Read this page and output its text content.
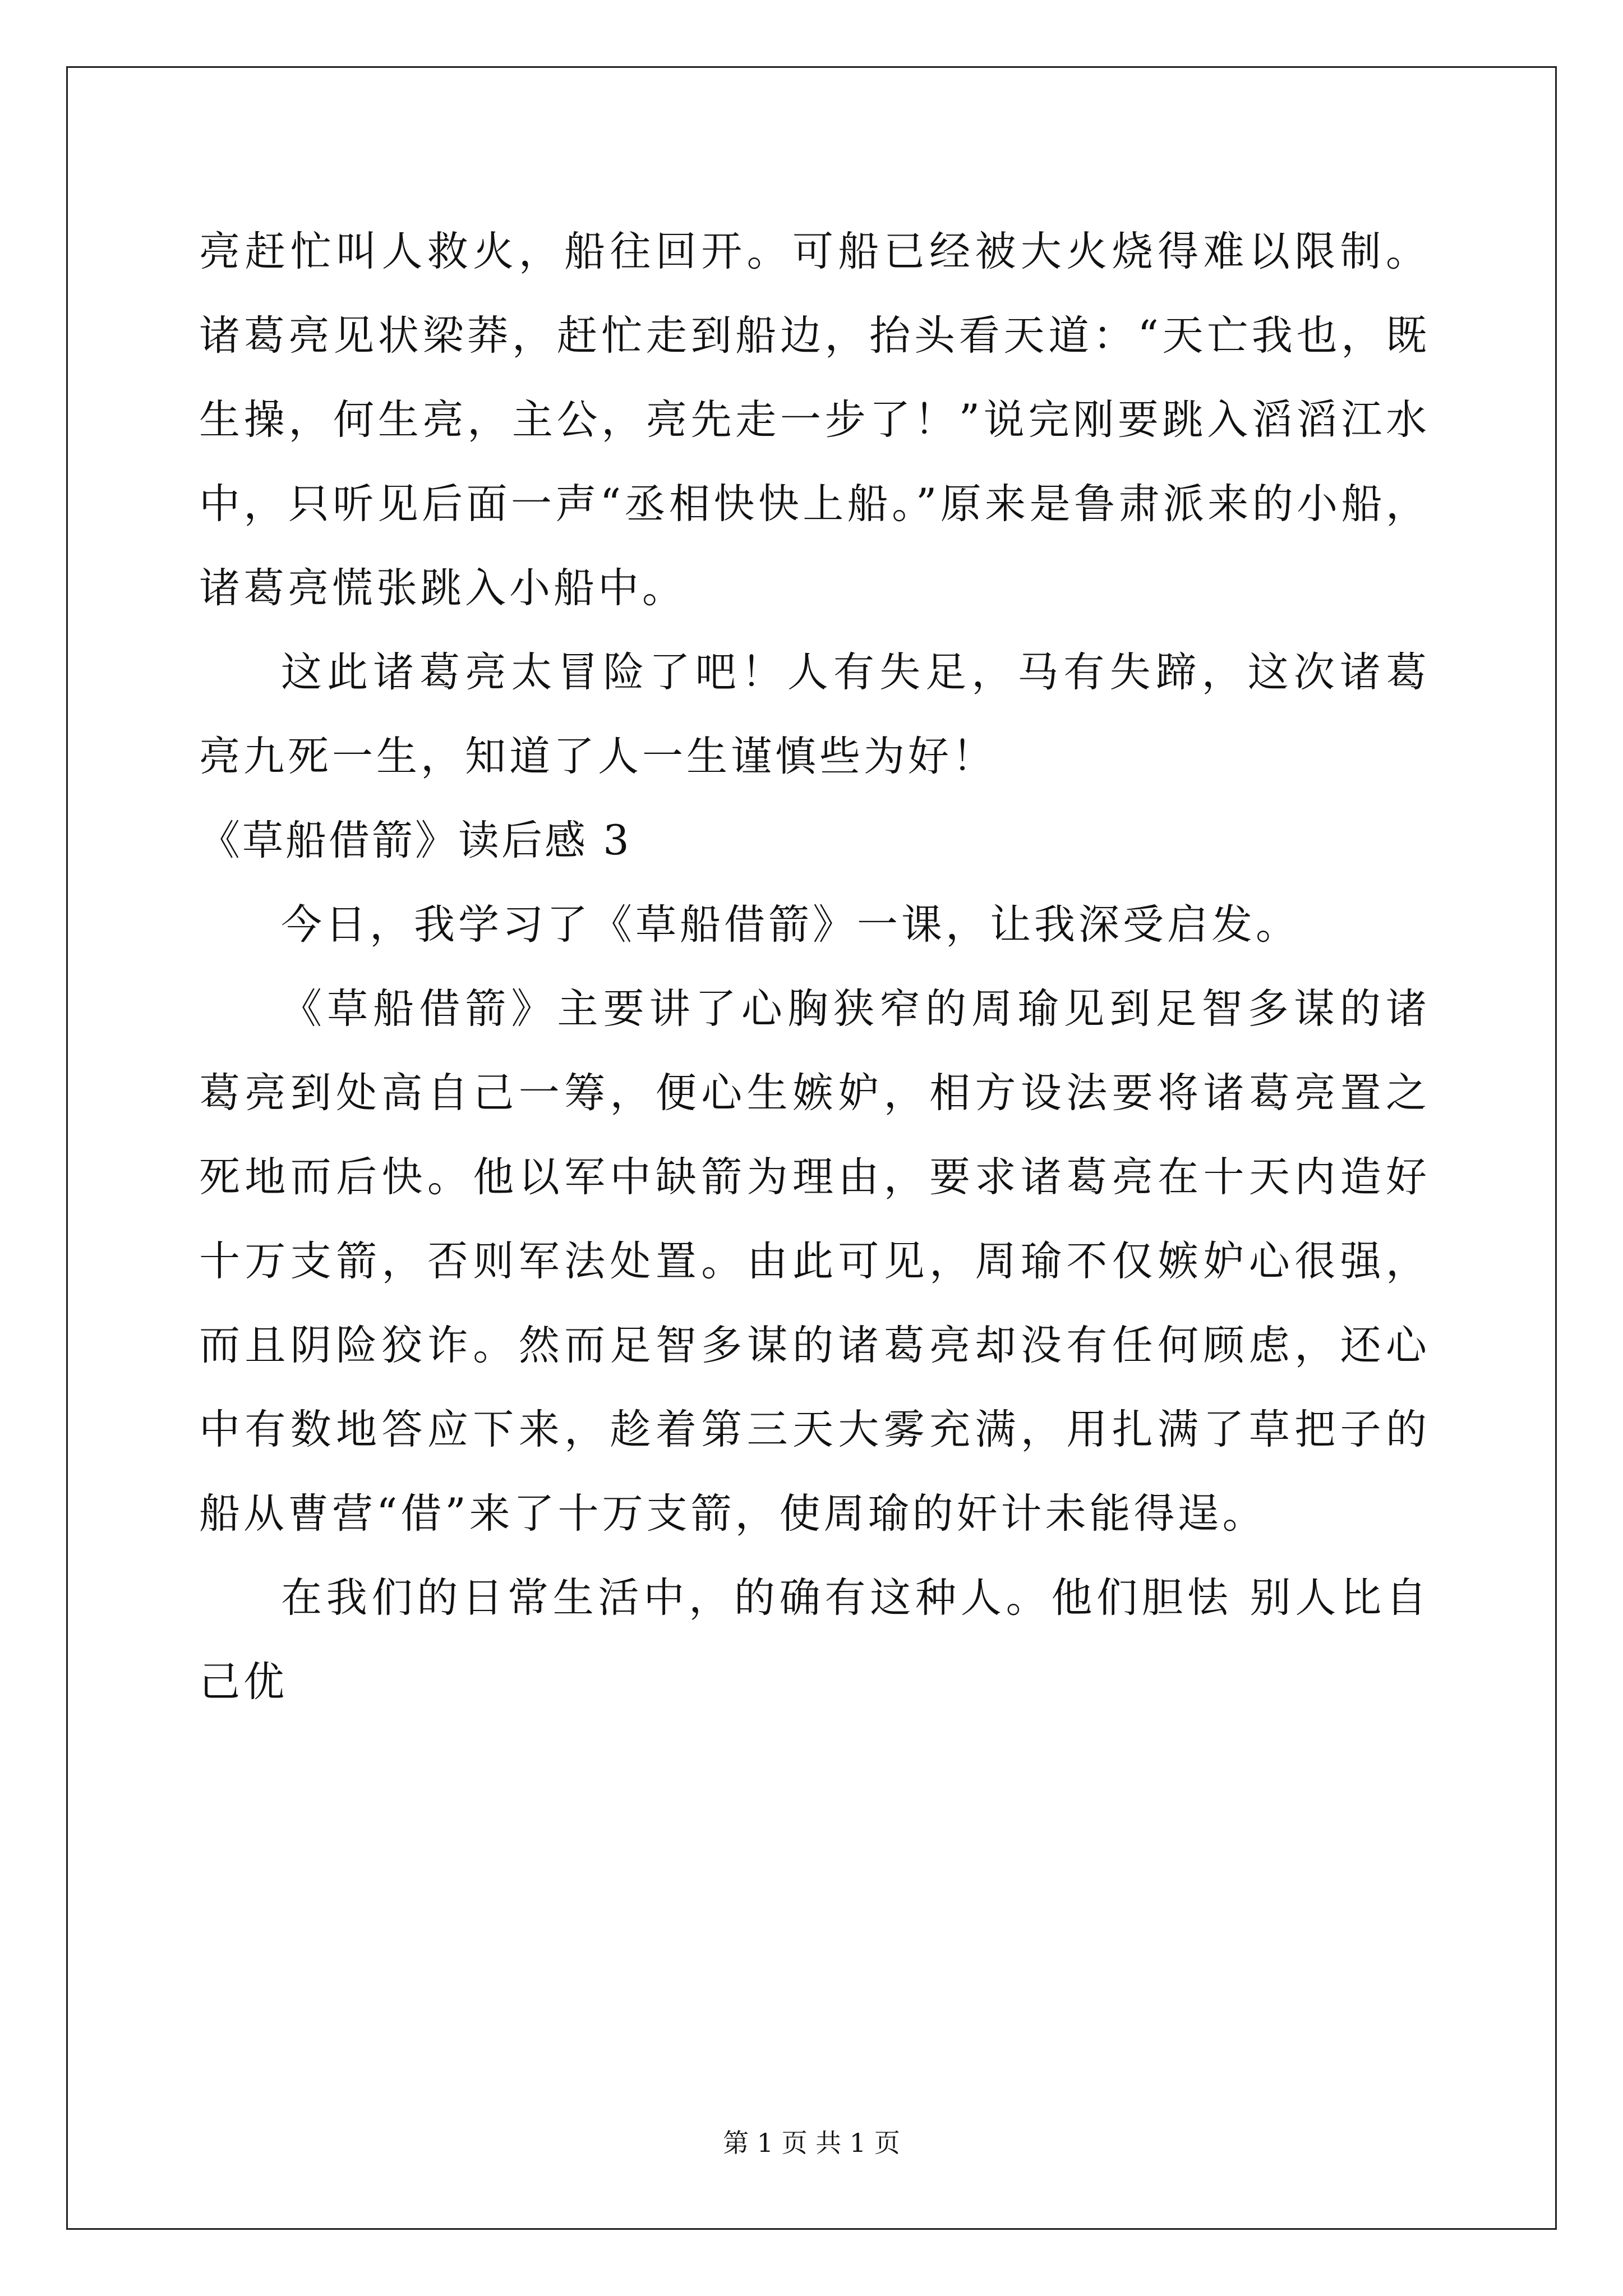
亮赶忙叫人救火，船往回开。可船已经被大火烧得难以限制。诸葛亮见状梁莽，赶忙走到船边，抬头看天道：“天亡我也，既生操，何生亮，主公，亮先走一步了！”说完刚要跳入滔滔江水中，只听见后面一声“丞相快快上船。”原来是鲁肃派来的小船，诸葛亮慌张跳入小船中。

这此诸葛亮太冒险了吧！人有失足，马有失蹄，这次诸葛亮九死一生，知道了人一生谨慎些为好！

《草船借箭》读后感 3

今日，我学习了《草船借箭》一课，让我深受启发。

《草船借箭》主要讲了心胸狭窄的周瑜见到足智多谋的诸葛亮到处高自己一筹，便心生嫉妒，相方设法要将诸葛亮置之死地而后快。他以军中缺箭为理由，要求诸葛亮在十天内造好十万支箭，否则军法处置。由此可见，周瑜不仅嫉妒心很强，而且阴险狡诈。然而足智多谋的诸葛亮却没有任何顾虑，还心中有数地答应下来，趁着第三天大雾充满，用扎满了草把子的船从曹营“借”来了十万支箭，使周瑜的奸计未能得逞。

在我们的日常生活中，的确有这种人。他们胆怯 别人比自己优

第 1 页 共 1 页
